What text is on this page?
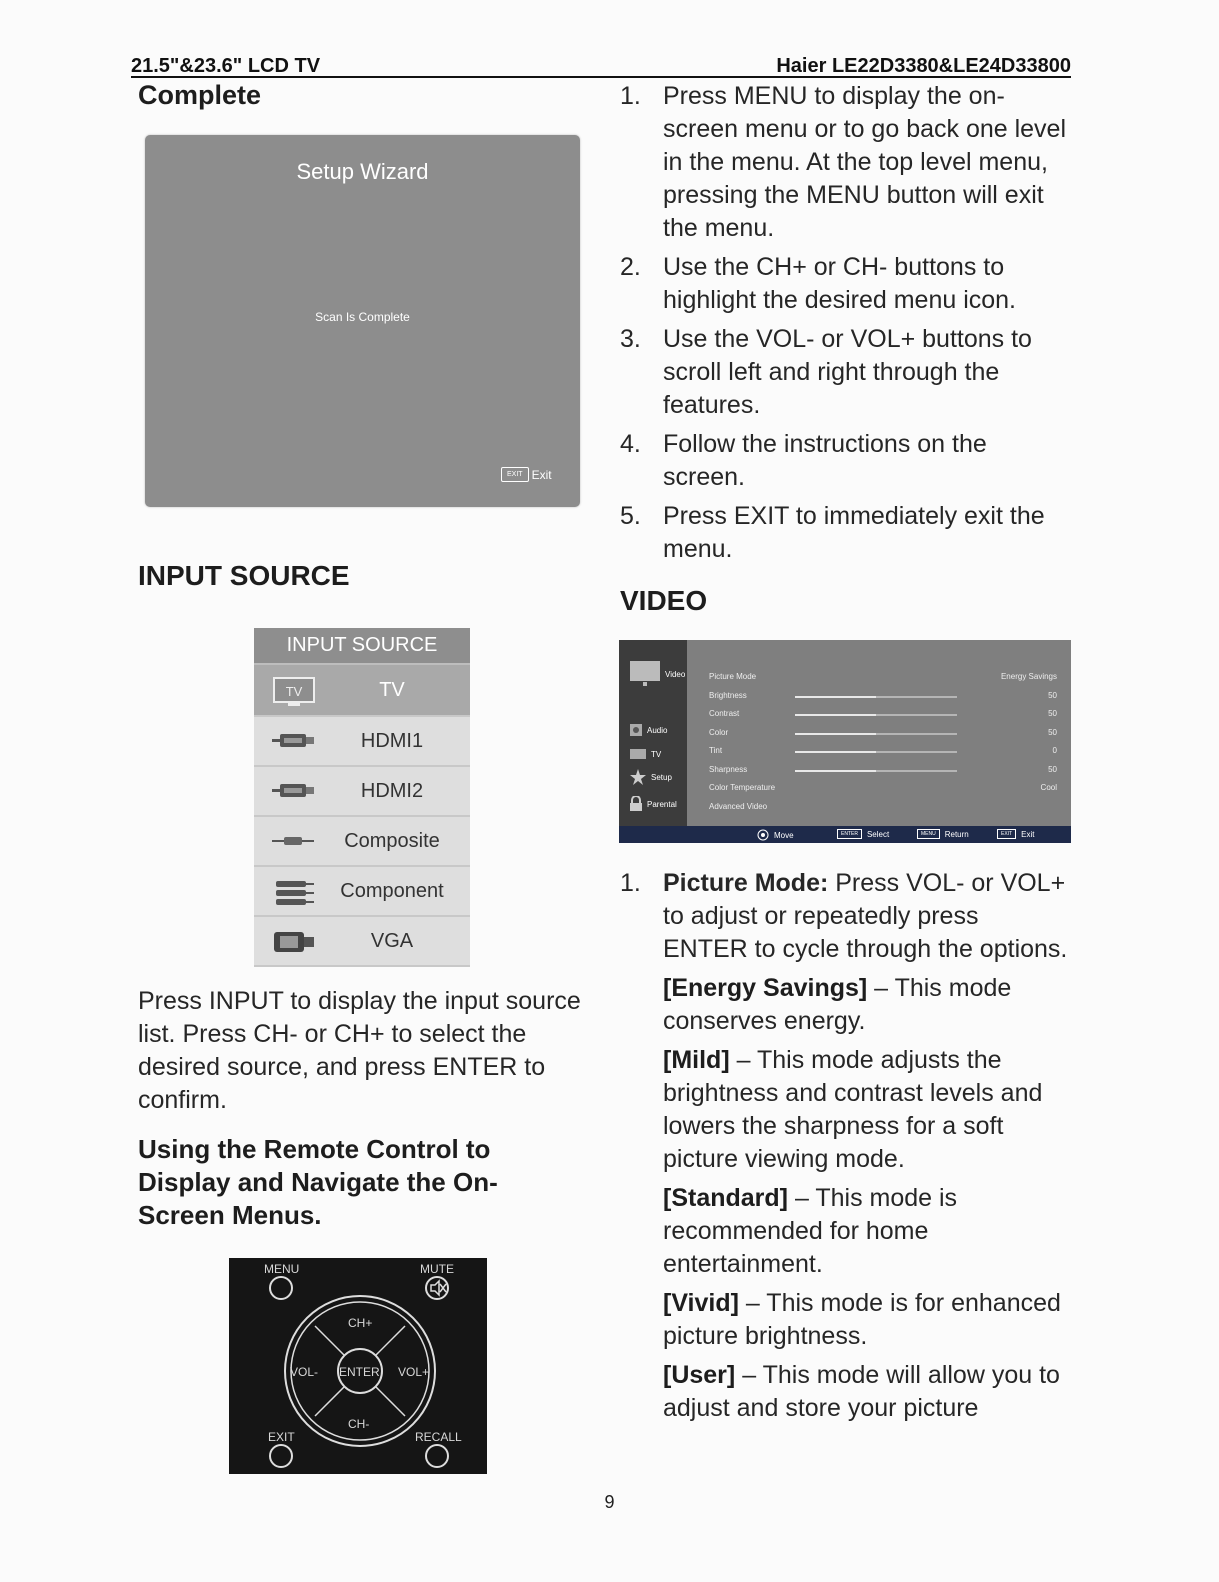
21.5"&23.6" LCD TV	Haier LE22D3380&LE24D33800
Complete
Setup Wizard
Scan Is Complete
EXIT Exit
INPUT SOURCE
INPUT SOURCE
TV	TV
HDMI1
HDMI2
Composite
Component
VGA
Press INPUT to display the input source list. Press CH- or CH+ to select the desired source, and press ENTER to confirm.
Using the Remote Control to Display and Navigate the On-Screen Menus.
MENU	MUTE
CH+
CH-
VOL-	VOL+
ENTER
EXIT	RECALL
1. Press MENU to display the on-screen menu or to go back one level in the menu. At the top level menu, pressing the MENU button will exit the menu.
2. Use the CH+ or CH- buttons to highlight the desired menu icon.
3. Use the VOL- or VOL+ buttons to scroll left and right through the features.
4. Follow the instructions on the screen.
5. Press EXIT to immediately exit the menu.
VIDEO
Video
Audio
TV
Setup
Parental
Picture Mode	Energy Savings
Brightness	50
Contrast	50
Color	50
Tint	0
Sharpness	50
Color Temperature	Cool
Advanced Video
Move	ENTER	Select	MENU	Return	EXIT	Exit
1. Picture Mode: Press VOL- or VOL+ to adjust or repeatedly press ENTER to cycle through the options.
[Energy Savings] – This mode conserves energy.
[Mild] – This mode adjusts the brightness and contrast levels and lowers the sharpness for a soft picture viewing mode.
[Standard] – This mode is recommended for home entertainment.
[Vivid] – This mode is for enhanced picture brightness.
[User] – This mode will allow you to adjust and store your picture
9
